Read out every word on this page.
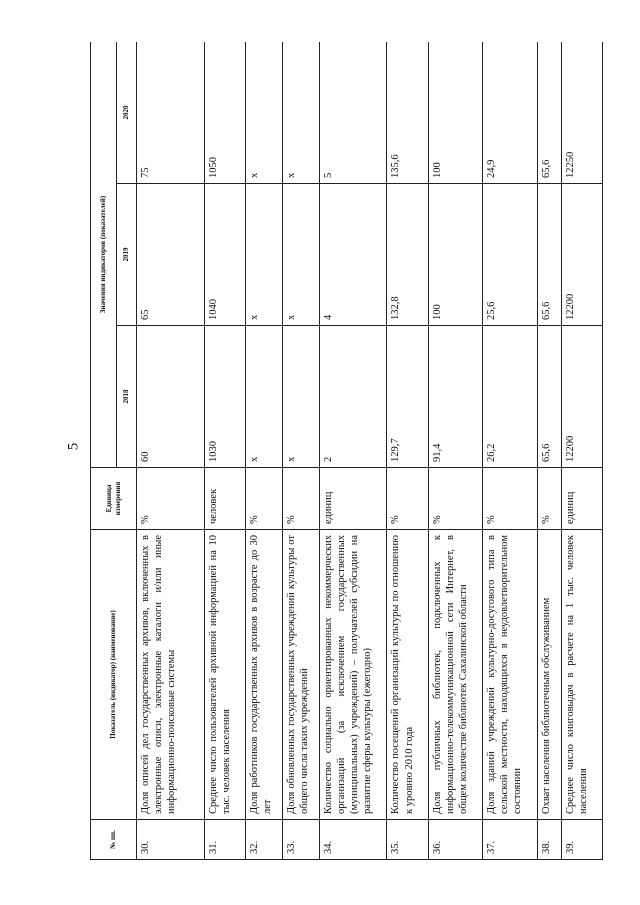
5
№ пп.	Показатель (индикатор) (наименование)	Единица измерения	Значения индикаторов (показателей)		
			2018	2019	2020
30.	Доля описей дел государственных архивов, включенных в электронные описи, электронные каталоги и/или иные информационно-поисковые системы	%	60	65	75
31.	Среднее число пользователей архивной информацией на 10 тыс. человек населения	человек	1030	1040	1050
32.	Доля работников государственных архивов в возрасте до 30 лет	%	x	x	x
33.	Доля обновленных государственных учреждений культуры от общего числа таких учреждений	%	x	x	x
34.	Количество социально ориентированных некоммерческих организаций (за исключением государственных (муниципальных) учреждений) – получателей субсидии на развитие сферы культуры (ежегодно)	единиц	2	4	5
35.	Количество посещений организаций культуры по отношению к уровню 2010 года	%	129,7	132,8	135,6
36.	Доля публичных библиотек, подключенных к информационно-телекоммуникационной сети Интернет, в общем количестве библиотек Сахалинской области	%	91,4	100	100
37.	Доля зданий учреждений культурно-досугового типа в сельской местности, находящихся в неудовлетворительном состоянии	%	26,2	25,6	24,9
38.	Охват населения библиотечным обслуживанием	%	65,6	65,6	65,6
39.	Среднее число книговыдач в расчете на 1 тыс. человек населения	единиц	12200	12200	12250
